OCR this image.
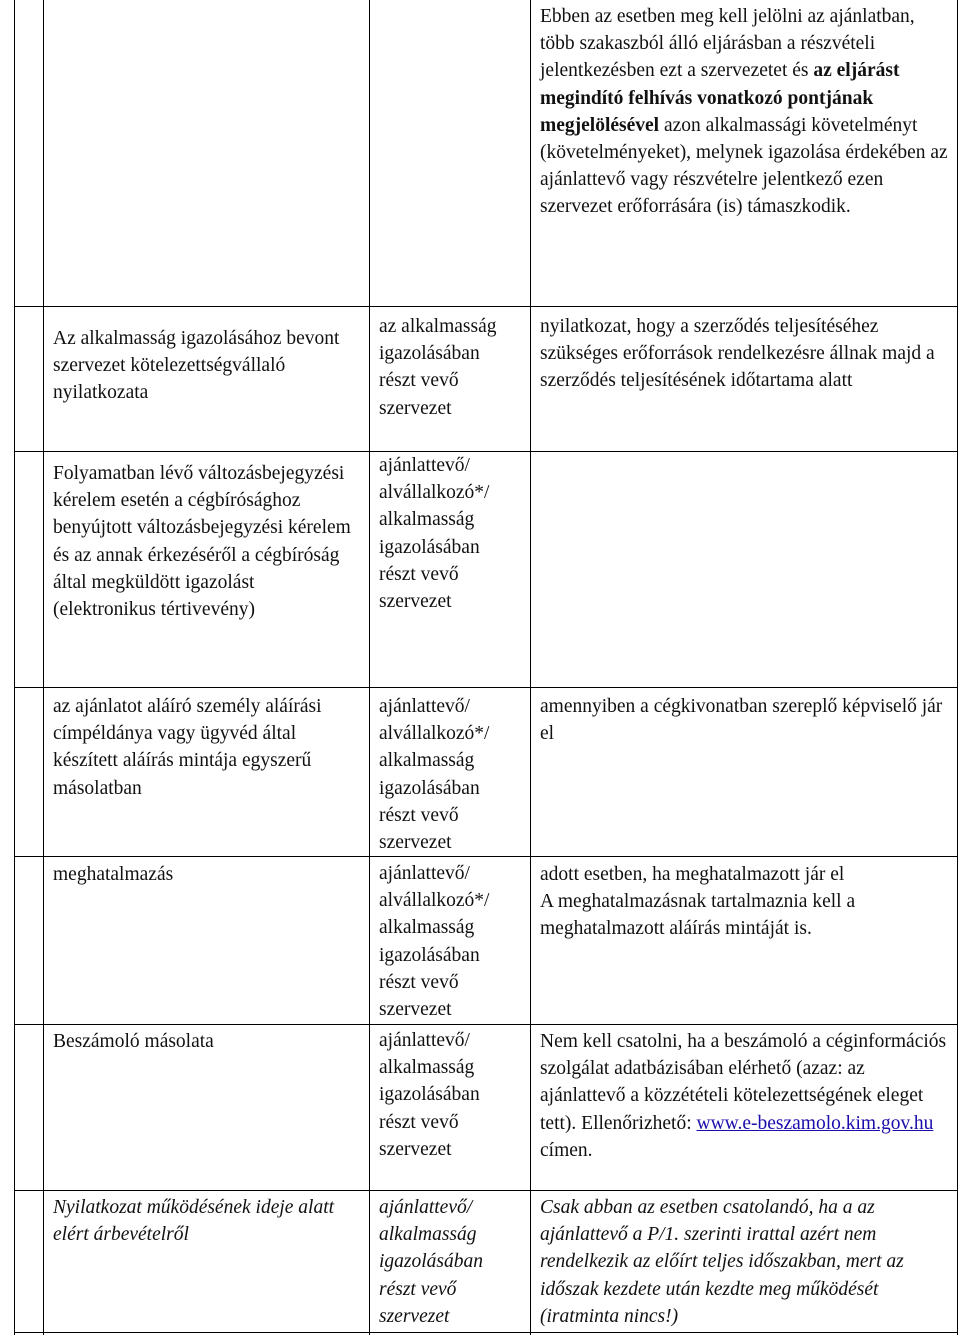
Ebben az esetben meg kell jelölni az ajánlatban, több szakaszból álló eljárásban a részvételi jelentkezésben ezt a szervezetet és az eljárást megindító felhívás vonatkozó pontjának megjelölésével azon alkalmassági követelményt (követelményeket), melynek igazolása érdekében az ajánlattevő vagy részvételre jelentkező ezen szervezet erőforrására (is) támaszkodik.
Az alkalmasság igazolásához bevont szervezet kötelezettségvállaló nyilatkozata
az alkalmasság igazolásában részt vevő szervezet
nyilatkozat, hogy a szerződés teljesítéséhez szükséges erőforrások rendelkezésre állnak majd a szerződés teljesítésének időtartama alatt
Folyamatban lévő változásbejegyzési kérelem esetén a cégbírósághoz benyújtott változásbejegyzési kérelem és az annak érkezéséről a cégbíróság által megküldött igazolást (elektronikus tértivevény)
ajánlattevő/ alvállalkozó*/ alkalmasság igazolásában részt vevő szervezet
az ajánlatot aláíró személy aláírási címpéldánya vagy ügyvéd által készített aláírás mintája egyszerű másolatban
ajánlattevő/ alvállalkozó*/ alkalmasság igazolásában részt vevő szervezet
amennyiben a cégkivonatban szereplő képviselő jár el
meghatalmazás	ajánlattevő/ alvállalkozó*/ alkalmasság igazolásában részt vevő szervezet
adott esetben, ha meghatalmazott jár el
A meghatalmazásnak tartalmaznia kell a meghatalmazott aláírás mintáját is.
Beszámoló másolata	ajánlattevő/ alkalmasság igazolásában részt vevő szervezet
Nem kell csatolni, ha a beszámoló a céginformációs szolgálat adatbázisában elérhető (azaz: az ajánlattevő a közzétételi kötelezettségének eleget tett). Ellenőrizhető: www.e-beszamolo.kim.gov.hu címen.
Nyilatkozat működésének ideje alatt elért árbevételről
ajánlattevő/ alkalmasság igazolásában részt vevő szervezet
Csak abban az esetben csatolandó, ha a az ajánlattevő a P/1. szerinti irattal azért nem rendelkezik az előírt teljes időszakban, mert az időszak kezdete után kezdte meg működését (iratminta nincs!)
